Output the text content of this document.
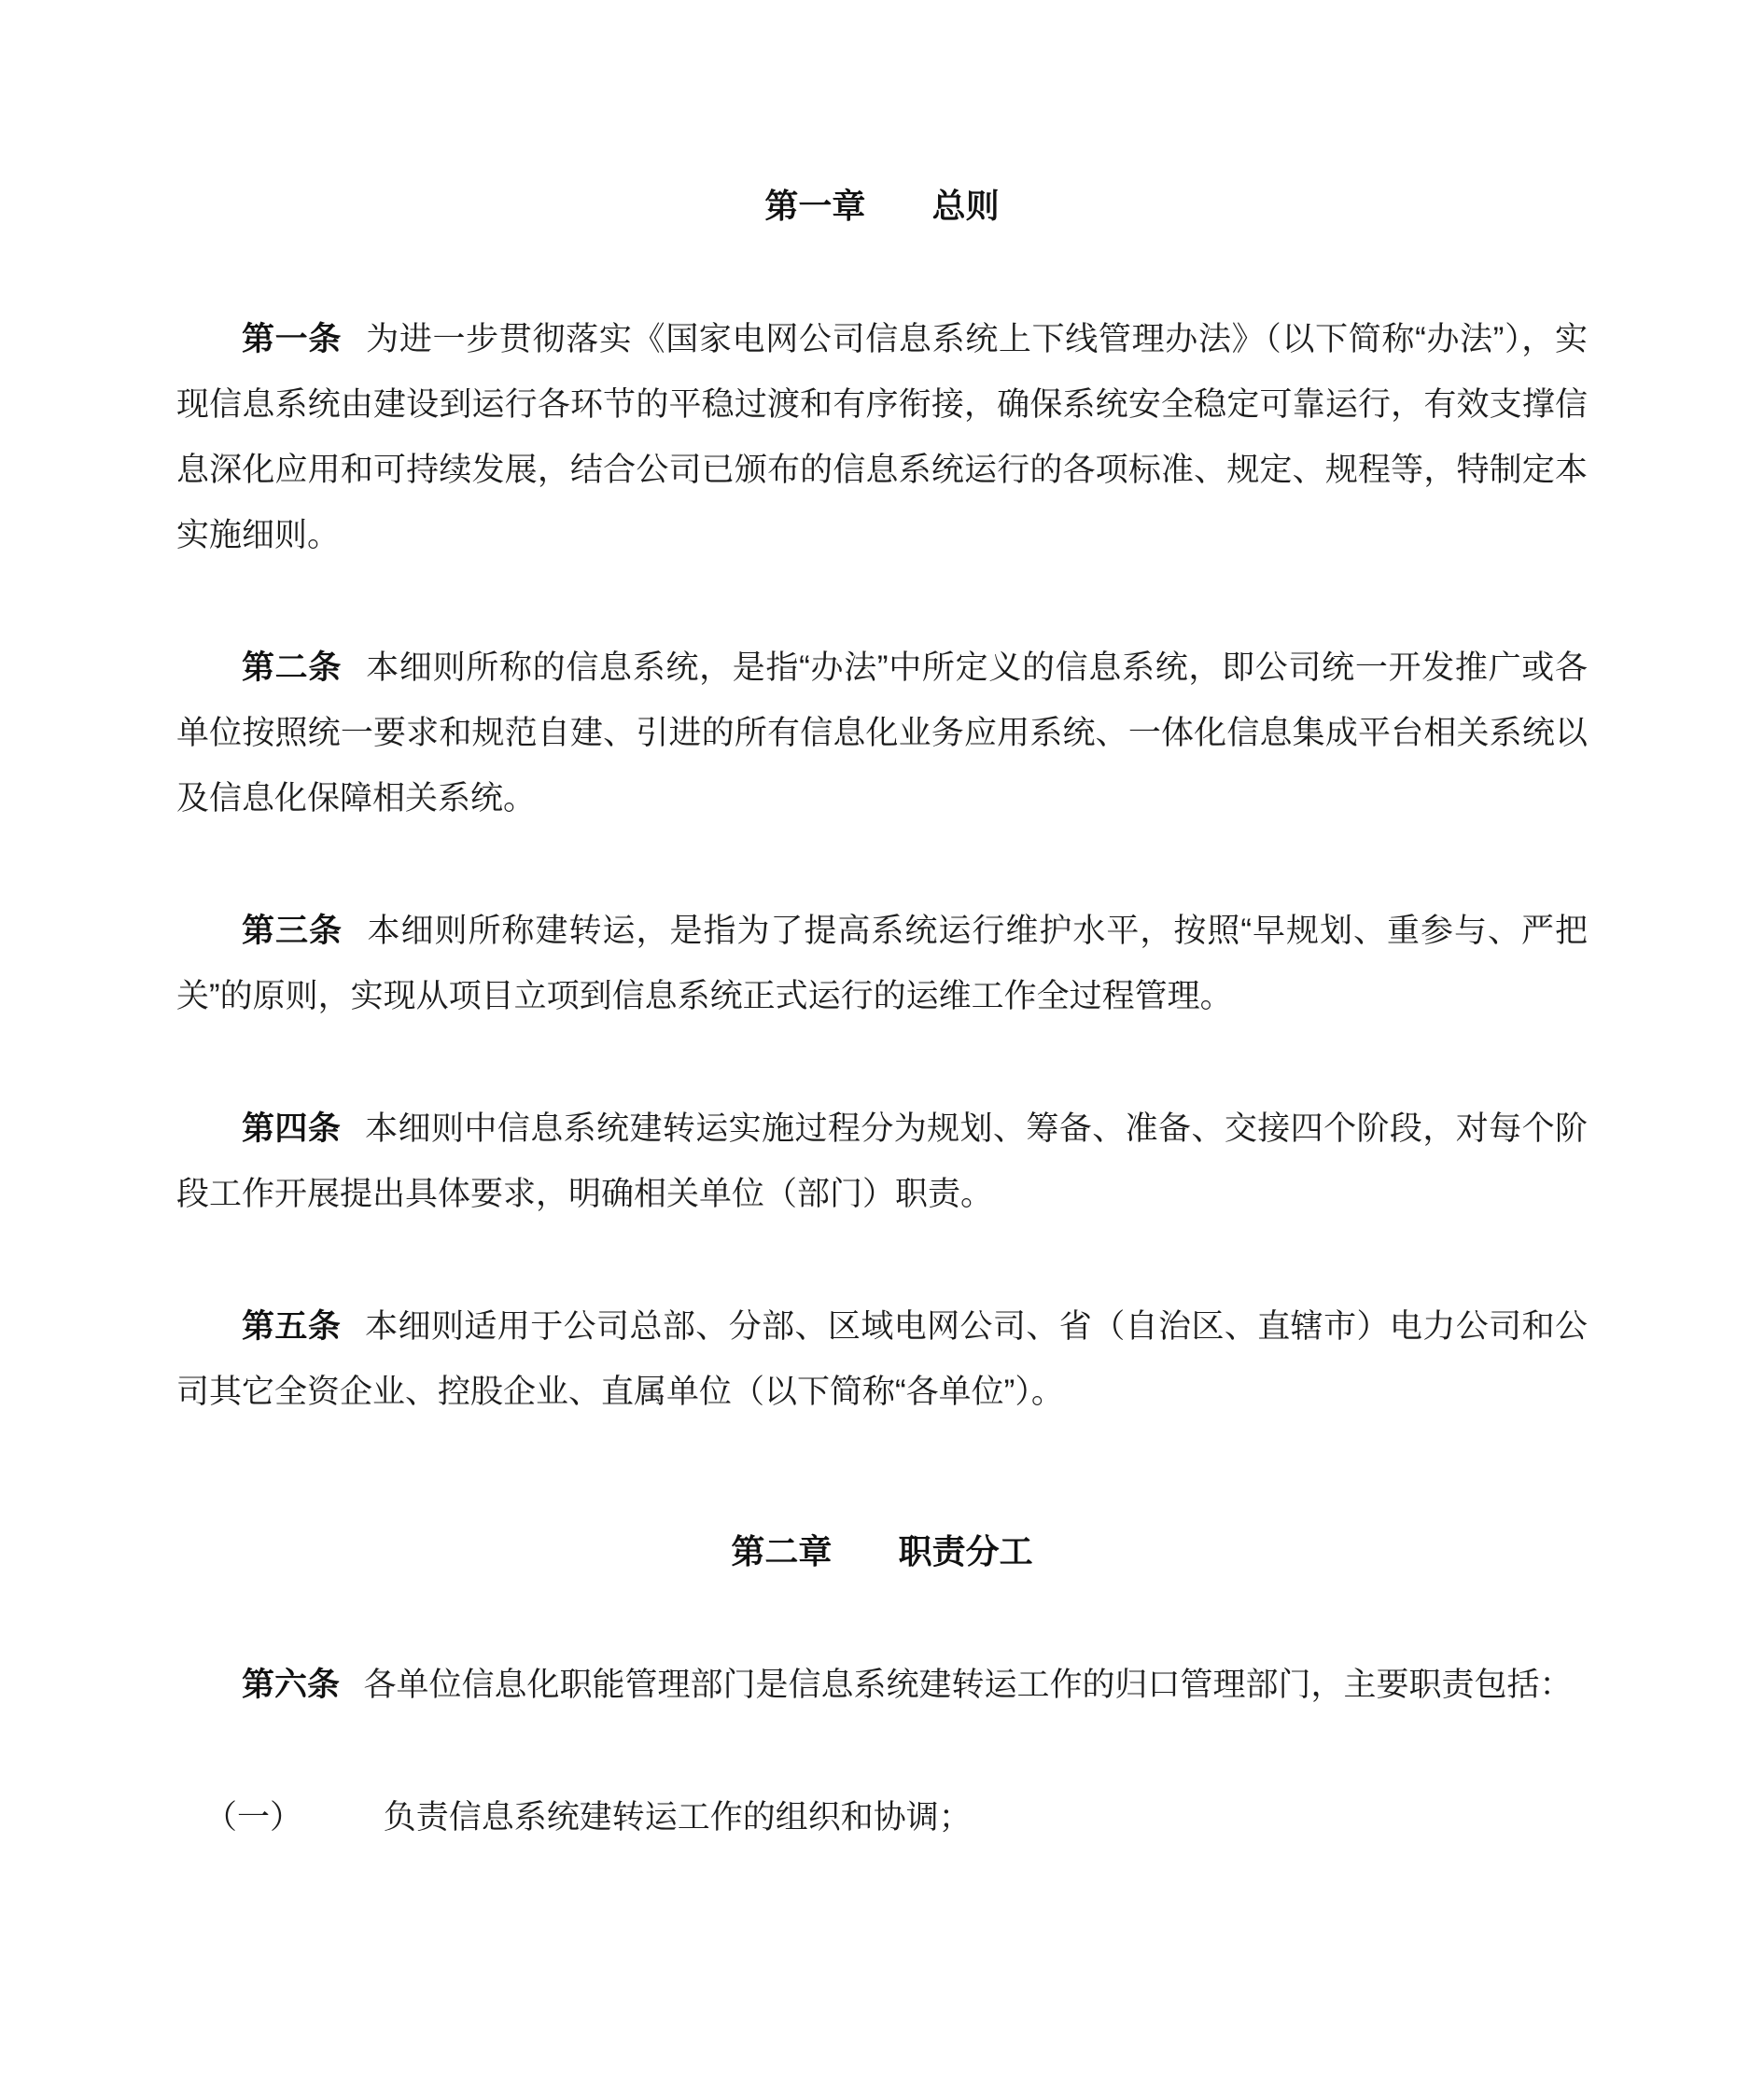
第一章 总则

第一条 为进一步贯彻落实《国家电网公司信息系统上下线管理办法》（以下简称“办法”），实现信息系统由建设到运行各环节的平稳过渡和有序衔接，确保系统安全稳定可靠运行，有效支撑信息深化应用和可持续发展，结合公司已颁布的信息系统运行的各项标准、规定、规程等，特制定本实施细则。

第二条 本细则所称的信息系统，是指“办法”中所定义的信息系统，即公司统一开发推广或各单位按照统一要求和规范自建、引进的所有信息化业务应用系统、一体化信息集成平台相关系统以及信息化保障相关系统。

第三条 本细则所称建转运，是指为了提高系统运行维护水平，按照“早规划、重参与、严把关”的原则，实现从项目立项到信息系统正式运行的运维工作全过程管理。

第四条 本细则中信息系统建转运实施过程分为规划、筹备、准备、交接四个阶段，对每个阶段工作开展提出具体要求，明确相关单位（部门）职责。

第五条 本细则适用于公司总部、分部、区域电网公司、省（自治区、直辖市）电力公司和公司其它全资企业、控股企业、直属单位（以下简称“各单位”）。

第二章 职责分工

第六条 各单位信息化职能管理部门是信息系统建转运工作的归口管理部门，主要职责包括：

（一） 负责信息系统建转运工作的组织和协调；
